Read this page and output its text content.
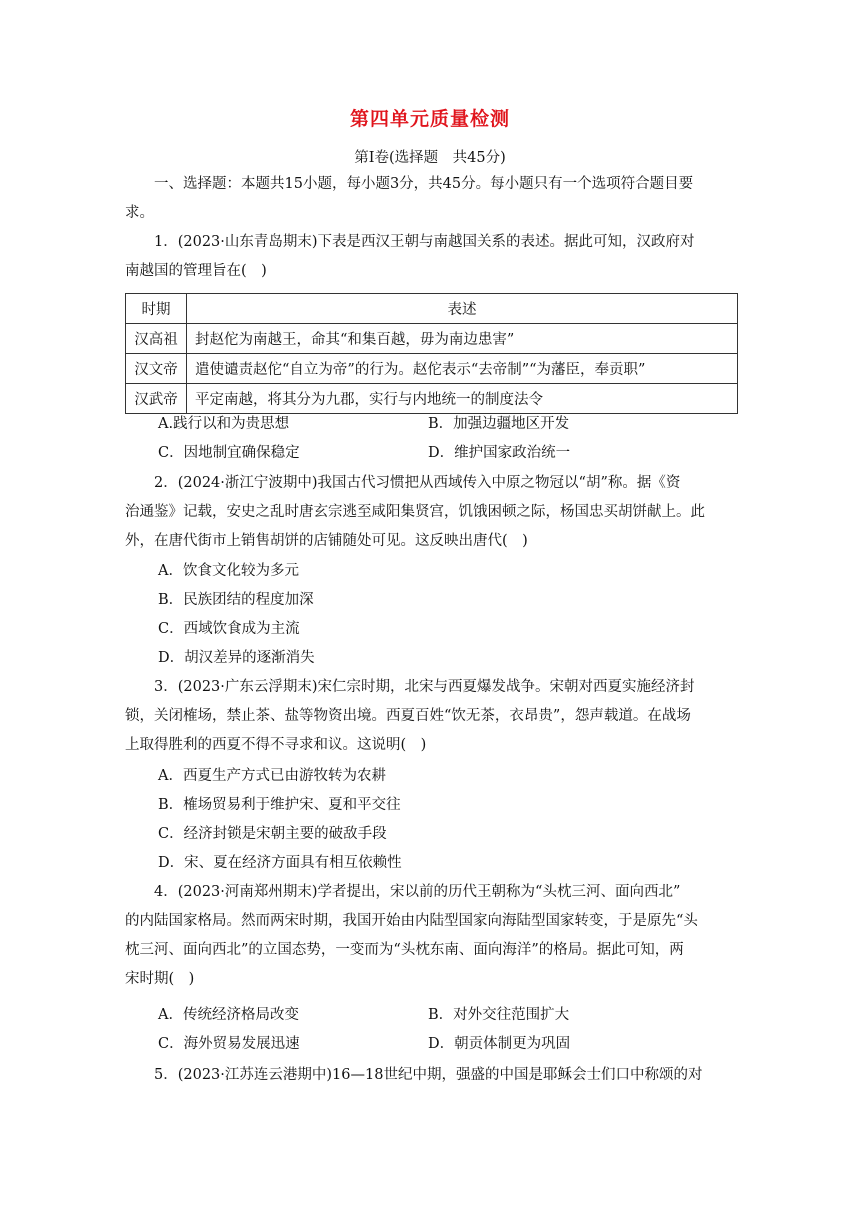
第四单元质量检测
第Ⅰ卷(选择题　共45分)
一、选择题：本题共15小题，每小题3分，共45分。每小题只有一个选项符合题目要
求。
1．(2023·山东青岛期末)下表是西汉王朝与南越国关系的表述。据此可知，汉政府对
南越国的管理旨在(　)
时期	表述
汉高祖	封赵佗为南越王，命其“和集百越，毋为南边患害”
汉文帝	遣使谴责赵佗“自立为帝”的行为。赵佗表示“去帝制”“为藩臣，奉贡职”
汉武帝	平定南越，将其分为九郡，实行与内地统一的制度法令
A.践行以和为贵思想	B．加强边疆地区开发
C．因地制宜确保稳定	D．维护国家政治统一
2．(2024·浙江宁波期中)我国古代习惯把从西域传入中原之物冠以“胡”称。据《资
治通鉴》记载，安史之乱时唐玄宗逃至咸阳集贤宫，饥饿困顿之际，杨国忠买胡饼献上。此
外，在唐代街市上销售胡饼的店铺随处可见。这反映出唐代(　)
A．饮食文化较为多元
B．民族团结的程度加深
C．西域饮食成为主流
D．胡汉差异的逐渐消失
3．(2023·广东云浮期末)宋仁宗时期，北宋与西夏爆发战争。宋朝对西夏实施经济封
锁，关闭榷场，禁止茶、盐等物资出境。西夏百姓“饮无茶，衣昂贵”，怨声载道。在战场
上取得胜利的西夏不得不寻求和议。这说明(　)
A．西夏生产方式已由游牧转为农耕
B．榷场贸易利于维护宋、夏和平交往
C．经济封锁是宋朝主要的破敌手段
D．宋、夏在经济方面具有相互依赖性
4．(2023·河南郑州期末)学者提出，宋以前的历代王朝称为“头枕三河、面向西北”
的内陆国家格局。然而两宋时期，我国开始由内陆型国家向海陆型国家转变，于是原先“头
枕三河、面向西北”的立国态势，一变而为“头枕东南、面向海洋”的格局。据此可知，两
宋时期(　)
A．传统经济格局改变	B．对外交往范围扩大
C．海外贸易发展迅速	D．朝贡体制更为巩固
5．(2023·江苏连云港期中)16—18世纪中期，强盛的中国是耶稣会士们口中称颂的对
